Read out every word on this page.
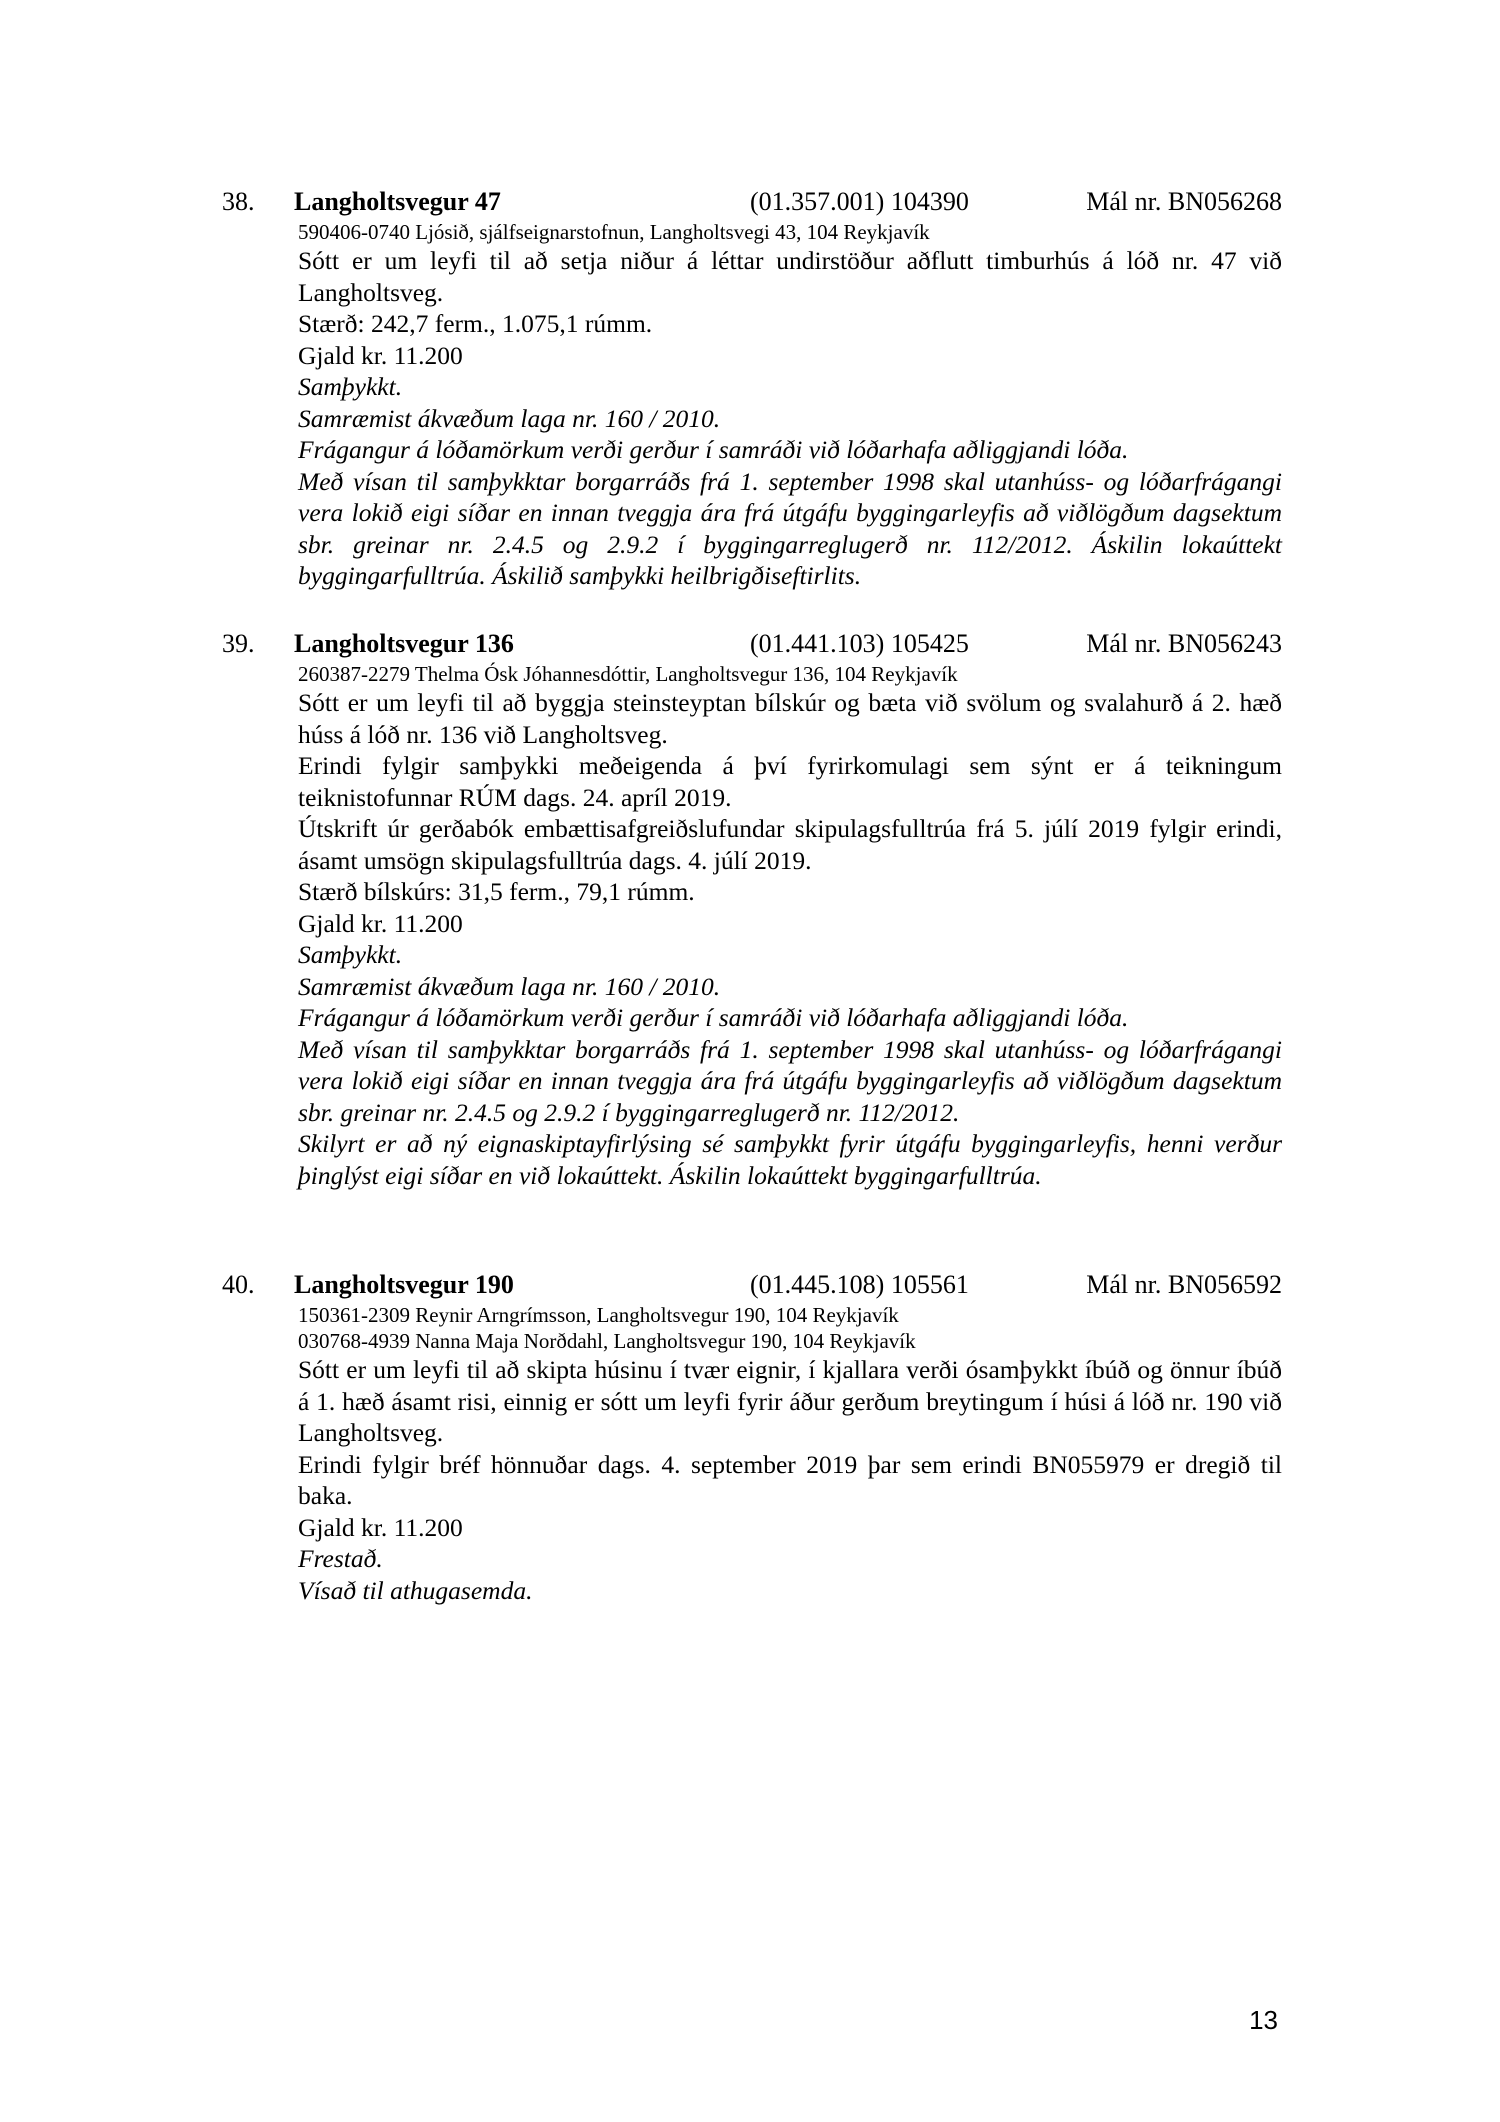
38. Langholtsvegur 47	(01.357.001) 104390	Mál nr. BN056268
590406-0740 Ljósið, sjálfseignarstofnun, Langholtsvegi 43, 104 Reykjavík
Sótt er um leyfi til að setja niður á léttar undirstöður aðflutt timburhús á lóð nr. 47 við Langholtsveg.
Stærð: 242,7 ferm., 1.075,1 rúmm.
Gjald kr. 11.200
Samþykkt.
Samræmist ákvæðum laga nr. 160 / 2010.
Frágangur á lóðamörkum verði gerður í samráði við lóðarhafa aðliggjandi lóða.
Með vísan til samþykktar borgarráðs frá 1. september 1998 skal utanhúss- og lóðarfrágangi vera lokið eigi síðar en innan tveggja ára frá útgáfu byggingarleyfis að viðlögðum dagsektum sbr. greinar nr. 2.4.5 og 2.9.2 í byggingarreglugerð nr. 112/2012. Áskilin lokaúttekt byggingarfulltrúa. Áskilið samþykki heilbrigðiseftirlits.
39. Langholtsvegur 136	(01.441.103) 105425	Mál nr. BN056243
260387-2279 Thelma Ósk Jóhannesdóttir, Langholtsvegur 136, 104 Reykjavík
Sótt er um leyfi til að byggja steinsteyptan bílskúr og bæta við svölum og svalahurð á 2. hæð húss á lóð nr. 136 við Langholtsveg.
Erindi fylgir samþykki meðeigenda á því fyrirkomulagi sem sýnt er á teikningum teiknistofunnar RÚM dags. 24. apríl 2019.
Útskrift úr gerðabók embættisafgreiðslufundar skipulagsfulltrúa frá 5. júlí 2019 fylgir erindi, ásamt umsögn skipulagsfulltrúa dags. 4. júlí 2019.
Stærð bílskúrs: 31,5 ferm., 79,1 rúmm.
Gjald kr. 11.200
Samþykkt.
Samræmist ákvæðum laga nr. 160 / 2010.
Frágangur á lóðamörkum verði gerður í samráði við lóðarhafa aðliggjandi lóða.
Með vísan til samþykktar borgarráðs frá 1. september 1998 skal utanhúss- og lóðarfrágangi vera lokið eigi síðar en innan tveggja ára frá útgáfu byggingarleyfis að viðlögðum dagsektum sbr. greinar nr. 2.4.5 og 2.9.2 í byggingarreglugerð nr. 112/2012.
Skilyrt er að ný eignaskiptayfirlýsing sé samþykkt fyrir útgáfu byggingarleyfis, henni verður þinglýst eigi síðar en við lokaúttekt. Áskilin lokaúttekt byggingarfulltrúa.
40. Langholtsvegur 190	(01.445.108) 105561	Mál nr. BN056592
150361-2309 Reynir Arngrímsson, Langholtsvegur 190, 104 Reykjavík
030768-4939 Nanna Maja Norðdahl, Langholtsvegur 190, 104 Reykjavík
Sótt er um leyfi til að skipta húsinu í tvær eignir, í kjallara verði ósamþykkt íbúð og önnur íbúð á 1. hæð ásamt risi, einnig er sótt um leyfi fyrir áður gerðum breytingum í húsi á lóð nr. 190 við Langholtsveg.
Erindi fylgir bréf hönnuðar dags. 4. september 2019 þar sem erindi BN055979 er dregið til baka.
Gjald kr. 11.200
Frestað.
Vísað til athugasemda.
13
